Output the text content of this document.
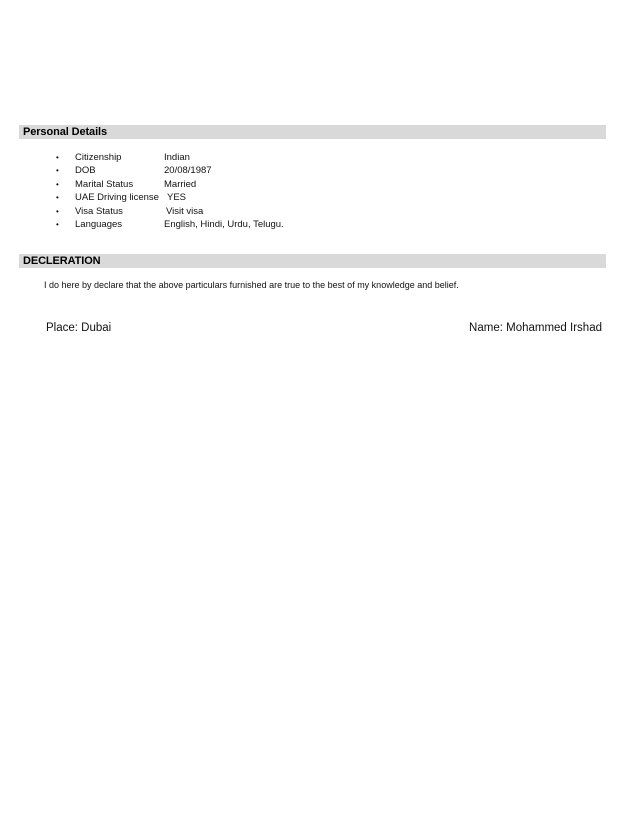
Personal Details
• Citizenship	Indian
• DOB	20/08/1987
• Marital Status	Married
• UAE Driving license YES
• Visa Status	Visit visa
• Languages	English, Hindi, Urdu, Telugu.
DECLERATION
I do here by declare that the above particulars furnished are true to the best of my knowledge and belief.
Place: Dubai	Name: Mohammed Irshad
